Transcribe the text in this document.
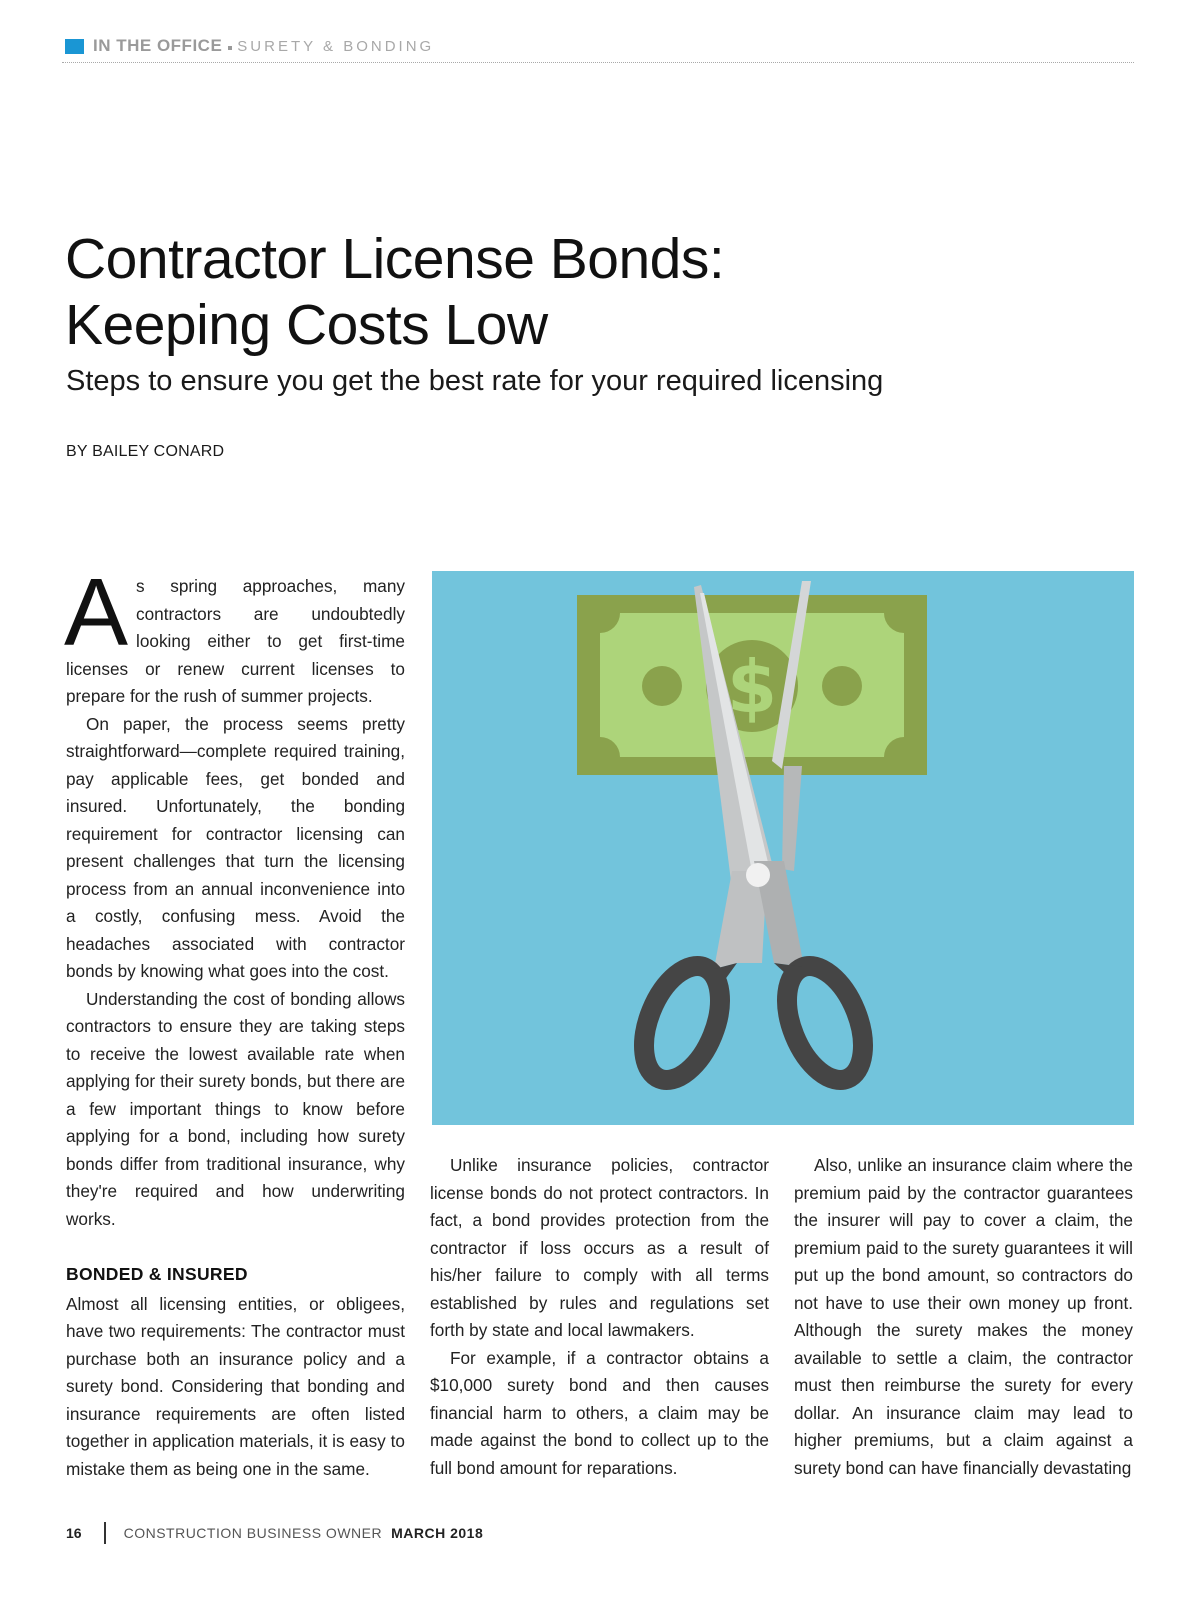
IN THE OFFICE SURETY & BONDING
Contractor License Bonds:
Keeping Costs Low
Steps to ensure you get the best rate for your required licensing
BY BAILEY CONARD

As spring approaches, many contractors are undoubtedly looking either to get first-time licenses or renew current licenses to prepare for the rush of summer projects.

On paper, the process seems pretty straightforward—complete required training, pay applicable fees, get bonded and insured. Unfortunately, the bonding requirement for contractor licensing can present challenges that turn the licensing process from an annual inconvenience into a costly, confusing mess. Avoid the headaches associated with contractor bonds by knowing what goes into the cost.

Understanding the cost of bonding allows contractors to ensure they are taking steps to receive the lowest available rate when applying for their surety bonds, but there are a few important things to know before applying for a bond, including how surety bonds differ from traditional insurance, why they're required and how underwriting works.

BONDED & INSURED

Almost all licensing entities, or obligees, have two requirements: The contractor must purchase both an insurance policy and a surety bond. Considering that bonding and insurance requirements are often listed together in application materials, it is easy to mistake them as being one in the same.

$

Unlike insurance policies, contractor license bonds do not protect contractors. In fact, a bond provides protection from the contractor if loss occurs as a result of his/her failure to comply with all terms established by rules and regulations set forth by state and local lawmakers.

For example, if a contractor obtains a $10,000 surety bond and then causes financial harm to others, a claim may be made against the bond to collect up to the full bond amount for reparations.

Also, unlike an insurance claim where the premium paid by the contractor guarantees the insurer will pay to cover a claim, the premium paid to the surety guarantees it will put up the bond amount, so contractors do not have to use their own money up front. Although the surety makes the money available to settle a claim, the contractor must then reimburse the surety for every dollar. An insurance claim may lead to higher premiums, but a claim against a surety bond can have financially devastating

16	CONSTRUCTION BUSINESS OWNER MARCH 2018
